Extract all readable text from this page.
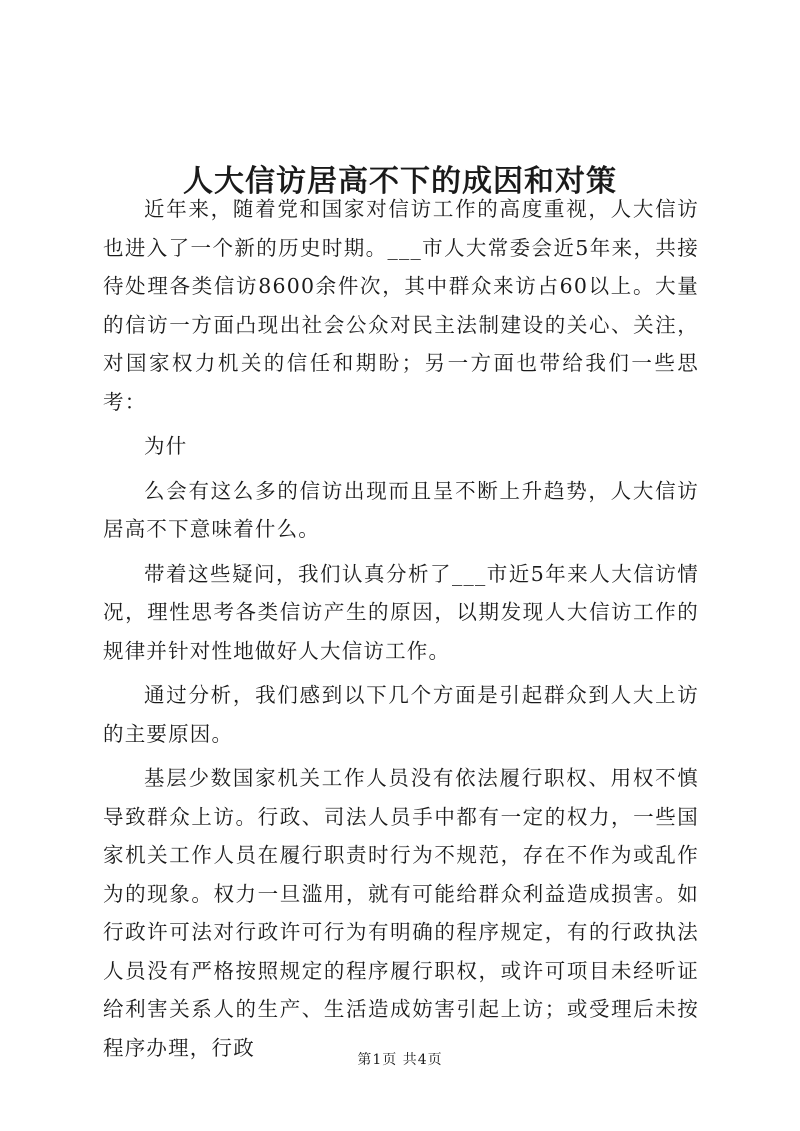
人大信访居高不下的成因和对策

近年来，随着党和国家对信访工作的高度重视，人大信访也进入了一个新的历史时期。___市人大常委会近5年来，共接待处理各类信访8600余件次，其中群众来访占60以上。大量的信访一方面凸现出社会公众对民主法制建设的关心、关注，对国家权力机关的信任和期盼；另一方面也带给我们一些思考：

为什

么会有这么多的信访出现而且呈不断上升趋势，人大信访居高不下意味着什么。

带着这些疑问，我们认真分析了___市近5年来人大信访情况，理性思考各类信访产生的原因，以期发现人大信访工作的规律并针对性地做好人大信访工作。

通过分析，我们感到以下几个方面是引起群众到人大上访的主要原因。

基层少数国家机关工作人员没有依法履行职权、用权不慎导致群众上访。行政、司法人员手中都有一定的权力，一些国家机关工作人员在履行职责时行为不规范，存在不作为或乱作为的现象。权力一旦滥用，就有可能给群众利益造成损害。如行政许可法对行政许可行为有明确的程序规定，有的行政执法人员没有严格按照规定的程序履行职权，或许可项目未经听证给利害关系人的生产、生活造成妨害引起上访；或受理后未按程序办理，行政

第1页 共4页
